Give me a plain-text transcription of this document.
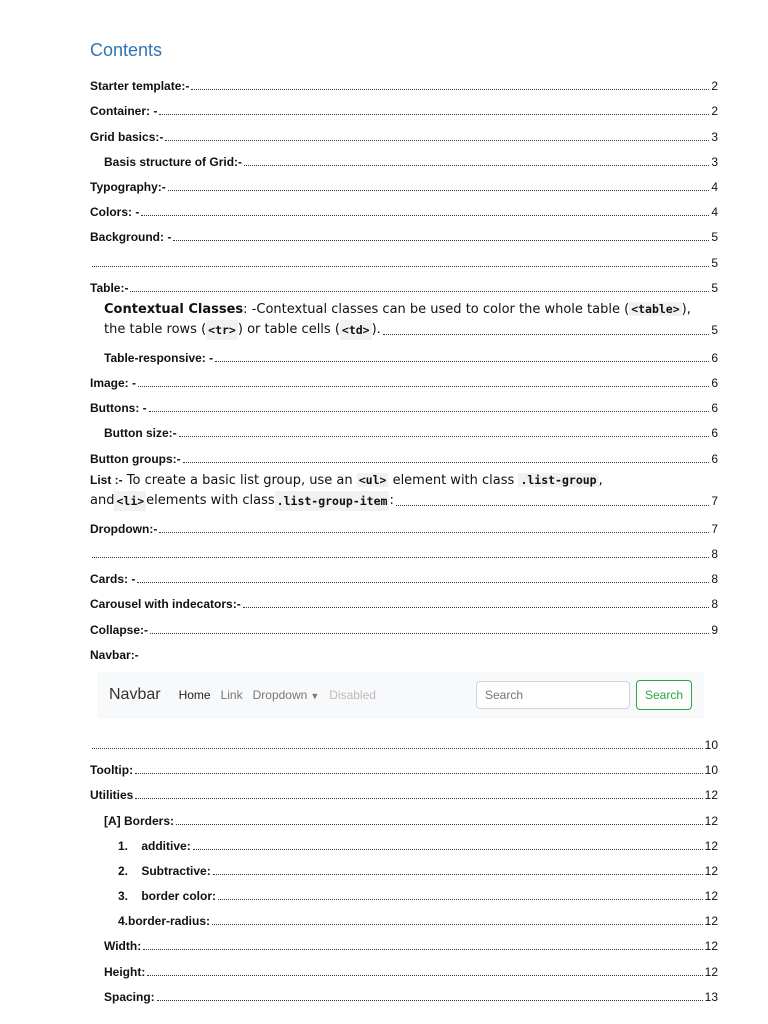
Contents
Starter template:-	2
Container: -	2
Grid basics:-	3
Basis structure of Grid:-	3
Typography:-	4
Colors: -	4
Background: -	5
5
Table:-	5
Contextual Classes: -Contextual classes can be used to color the whole table ( <table> ),
the table rows ( <tr> ) or table cells ( <td> ).	5
Table-responsive: -	6
Image: -	6
Buttons: -	6
Button size:-	6
Button groups:-	6
List :- To create a basic list group, use an <ul> element with class .list-group ,
and <li> elements with class .list-group-item :	7
Dropdown:-	7
8
Cards: -	8
Carousel with indecators:-	8
Collapse:-	9
Navbar:-
Navbar Home Link Dropdown ▼ Disabled
Search	Search
10
Tooltip:	10
Utilities	12
[A] Borders:	12
1.    additive:	12
2.    Subtractive:	12
3.    border color:	12
4.border-radius:	12
Width:	12
Height:	12
Spacing:	13
